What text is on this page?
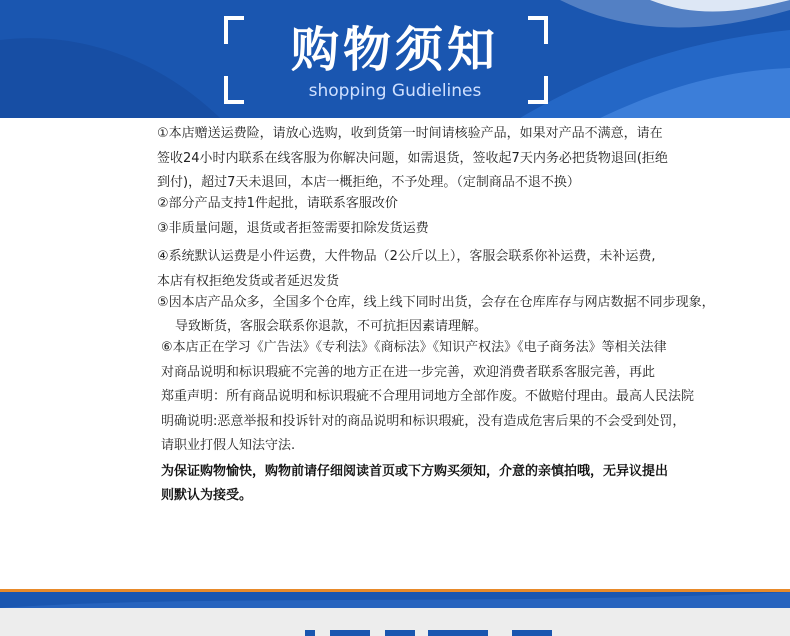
购物须知
shopping Gudielines
①本店赠送运费险，请放心选购，收到货第一时间请核验产品，如果对产品不满意，请在
签收24小时内联系在线客服为你解决问题，如需退货，签收起7天内务必把货物退回(拒绝
到付)，超过7天未退回，本店一概拒绝，不予处理。（定制商品不退不换）
②部分产品支持1件起批，请联系客服改价
③非质量问题，退货或者拒签需要扣除发货运费
④系统默认运费是小件运费，大件物品（2公斤以上），客服会联系你补运费，未补运费,
本店有权拒绝发货或者延迟发货
⑤因本店产品众多，全国多个仓库，线上线下同时出货，会存在仓库库存与网店数据不同步现象，
导致断货，客服会联系你退款，不可抗拒因素请理解。
⑥本店正在学习《广告法》《专利法》《商标法》《知识产权法》《电子商务法》等相关法律
对商品说明和标识瑕疵不完善的地方正在进一步完善，欢迎消费者联系客服完善，再此
郑重声明：所有商品说明和标识瑕疵不合理用词地方全部作废。不做赔付理由。最高人民法院
明确说明:恶意举报和投诉针对的商品说明和标识瑕疵，没有造成危害后果的不会受到处罚，
请职业打假人知法守法.
为保证购物愉快，购物前请仔细阅读首页或下方购买须知，介意的亲慎拍哦，无异议提出
则默认为接受。
